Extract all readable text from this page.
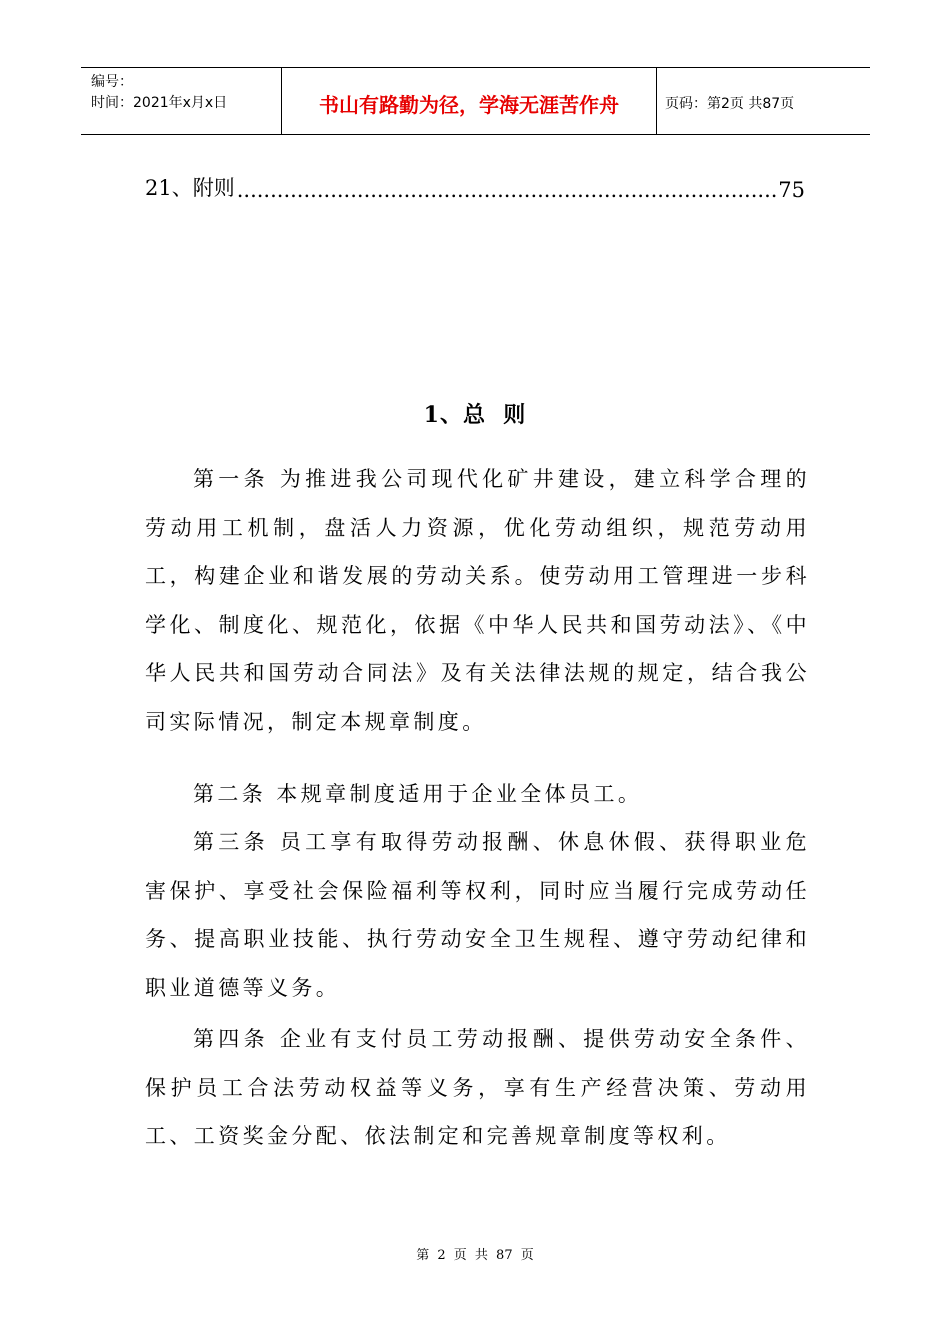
编号：
时间：2021年x月x日	书山有路勤为径，学海无涯苦作舟	页码：第2页 共87页
21、附则
.....	75
1、总  则

第一条 为推进我公司现代化矿井建设，建立科学合理的劳动用工机制，盘活人力资源，优化劳动组织，规范劳动用工，构建企业和谐发展的劳动关系。使劳动用工管理进一步科学化、制度化、规范化，依据《中华人民共和国劳动法》、《中华人民共和国劳动合同法》及有关法律法规的规定，结合我公司实际情况，制定本规章制度。

第二条 本规章制度适用于企业全体员工。

第三条 员工享有取得劳动报酬、休息休假、获得职业危害保护、享受社会保险福利等权利，同时应当履行完成劳动任务、提高职业技能、执行劳动安全卫生规程、遵守劳动纪律和职业道德等义务。

第四条 企业有支付员工劳动报酬、提供劳动安全条件、保护员工合法劳动权益等义务，享有生产经营决策、劳动用工、工资奖金分配、依法制定和完善规章制度等权利。

第 2 页 共 87 页
